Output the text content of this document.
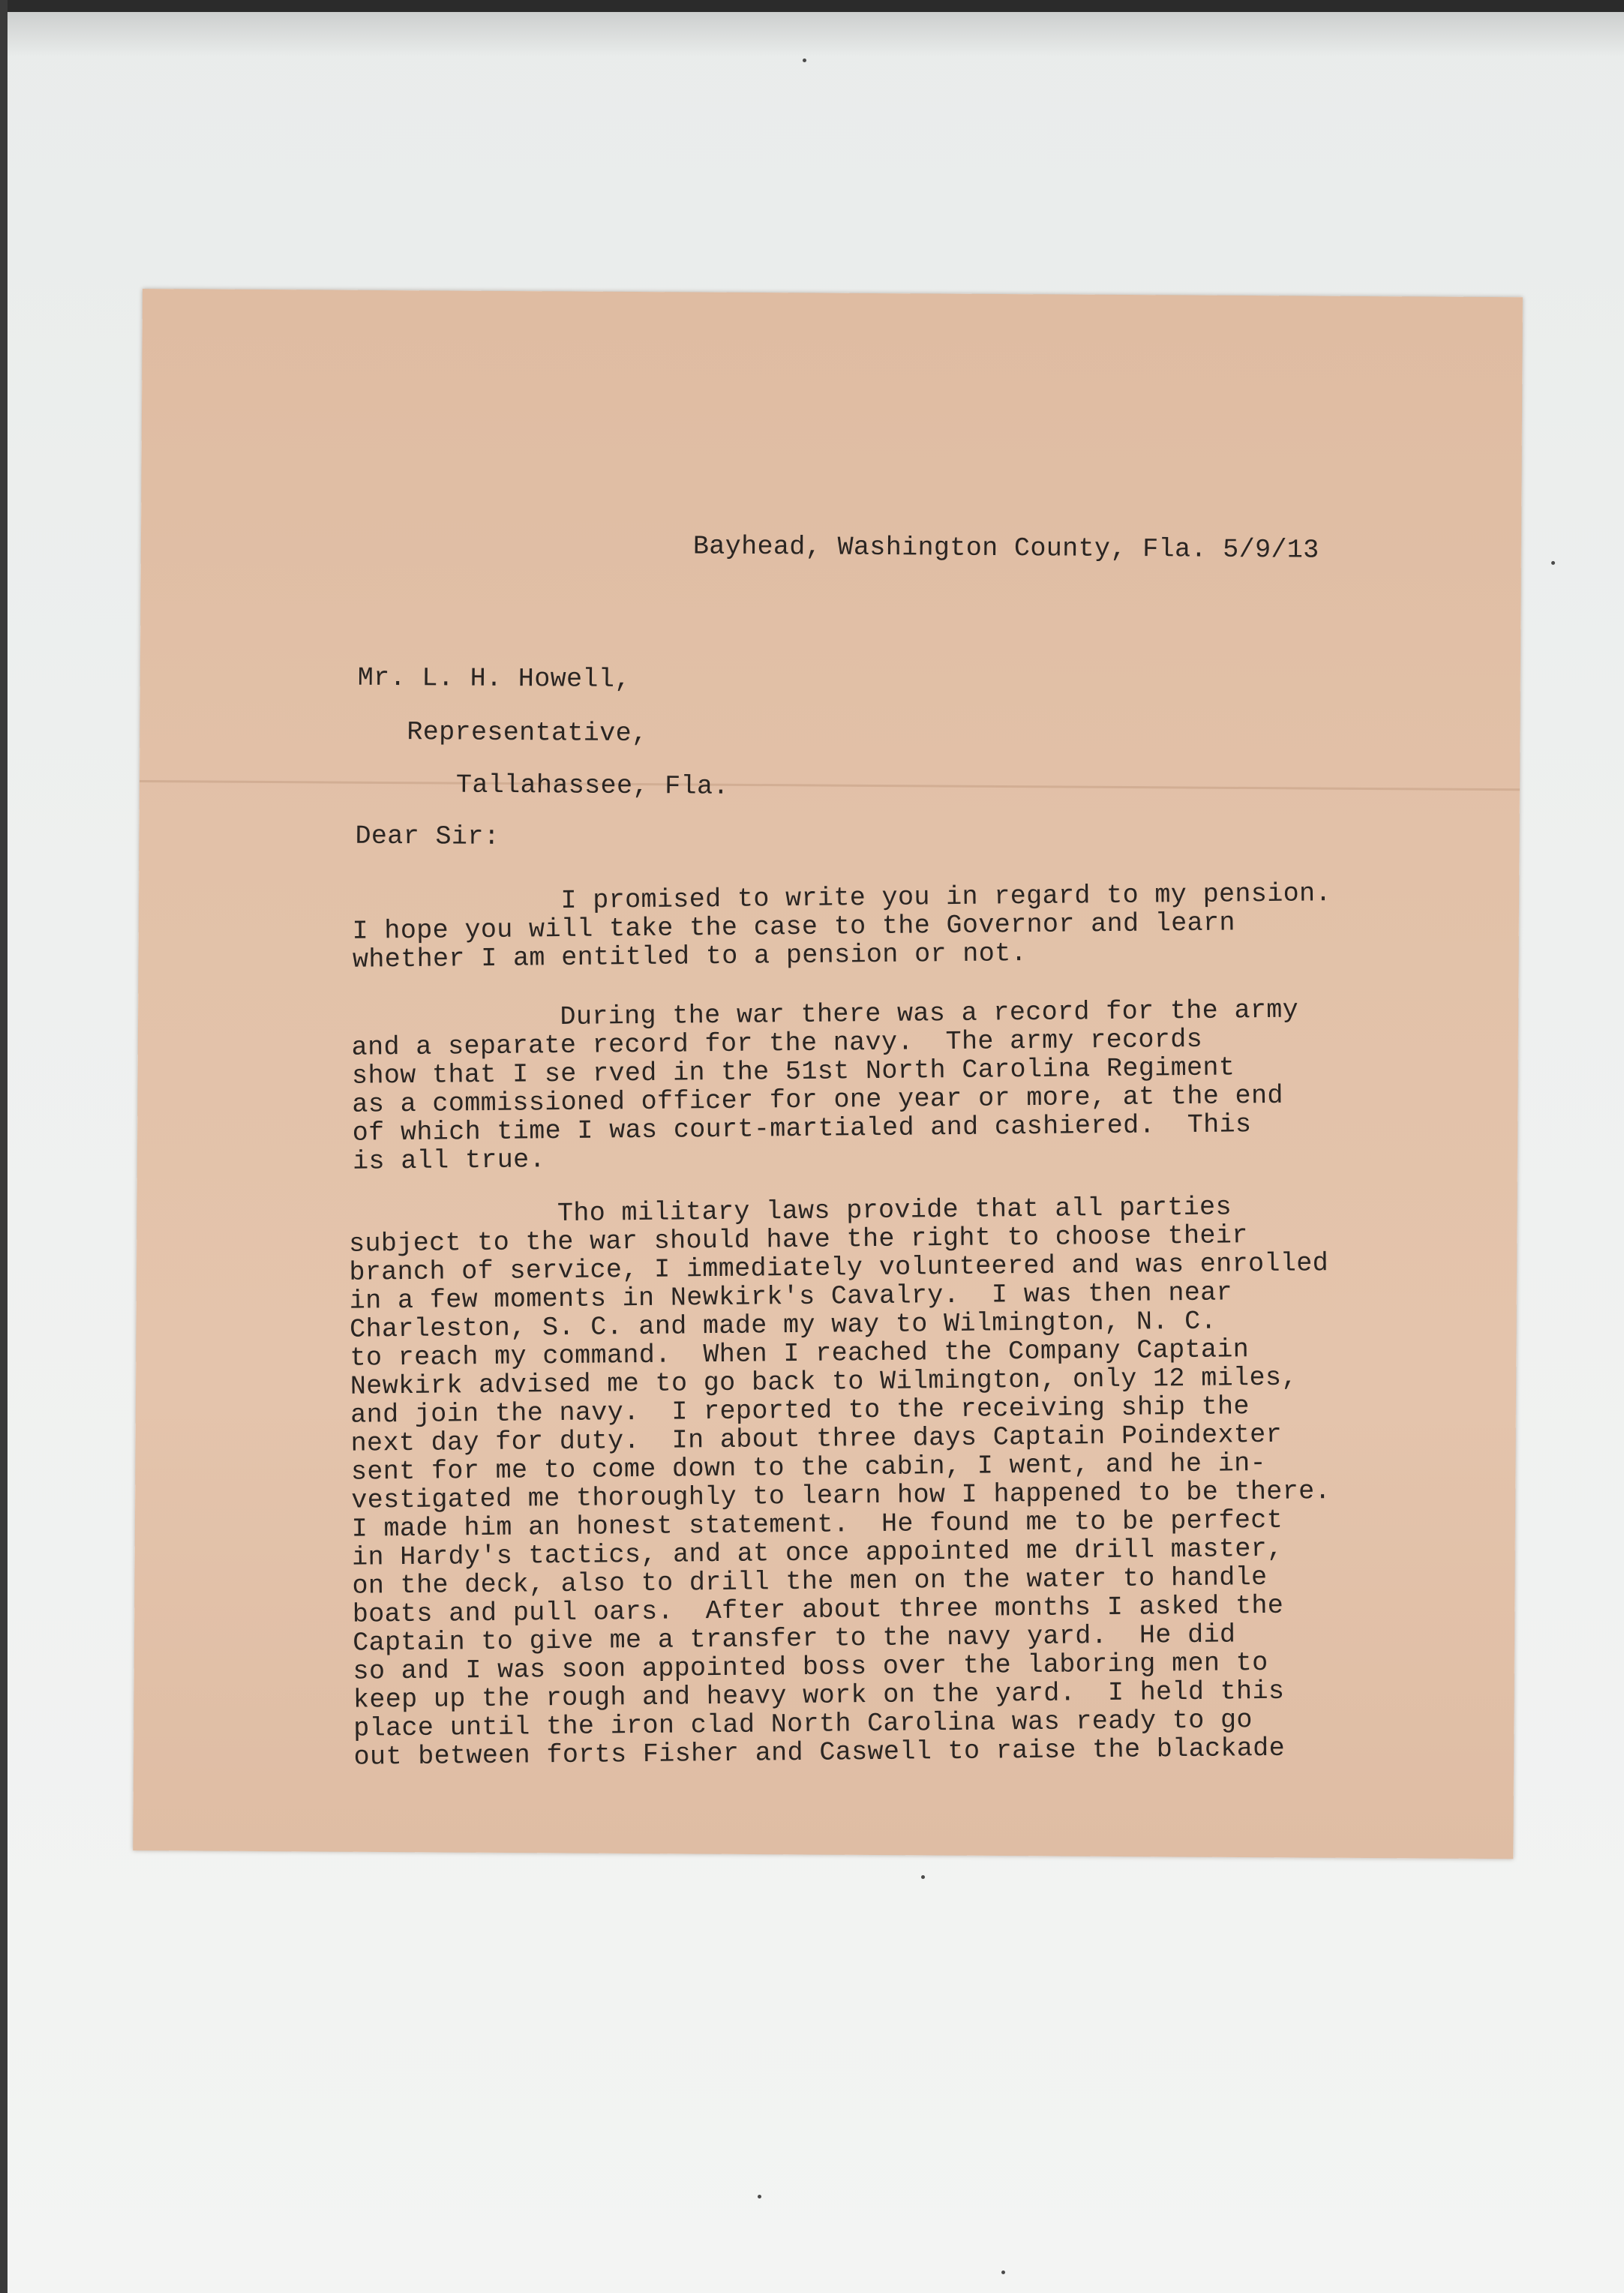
Bayhead, Washington County, Fla. 5/9/13

Mr. L. H. Howell,

Representative,

Tallahassee, Fla.

Dear Sir:

I promised to write you in regard to my pension.
I hope you will take the case to the Governor and learn
whether I am entitled to a pension or not.
During the war there was a record for the army
and a separate record for the navy.  The army records
show that I se rved in the 51st North Carolina Regiment
as a commissioned officer for one year or more, at the end
of which time I was court-martialed and cashiered.  This
is all true.
Tho military laws provide that all parties
subject to the war should have the right to choose their
branch of service, I immediately volunteered and was enrolled
in a few moments in Newkirk's Cavalry.  I was then near
Charleston, S. C. and made my way to Wilmington, N. C.
to reach my command.  When I reached the Company Captain
Newkirk advised me to go back to Wilmington, only 12 miles,
and join the navy.  I reported to the receiving ship the
next day for duty.  In about three days Captain Poindexter
sent for me to come down to the cabin, I went, and he in-
vestigated me thoroughly to learn how I happened to be there.
I made him an honest statement.  He found me to be perfect
in Hardy's tactics, and at once appointed me drill master,
on the deck, also to drill the men on the water to handle
boats and pull oars.  After about three months I asked the
Captain to give me a transfer to the navy yard.  He did
so and I was soon appointed boss over the laboring men to
keep up the rough and heavy work on the yard.  I held this
place until the iron clad North Carolina was ready to go
out between forts Fisher and Caswell to raise the blackade
